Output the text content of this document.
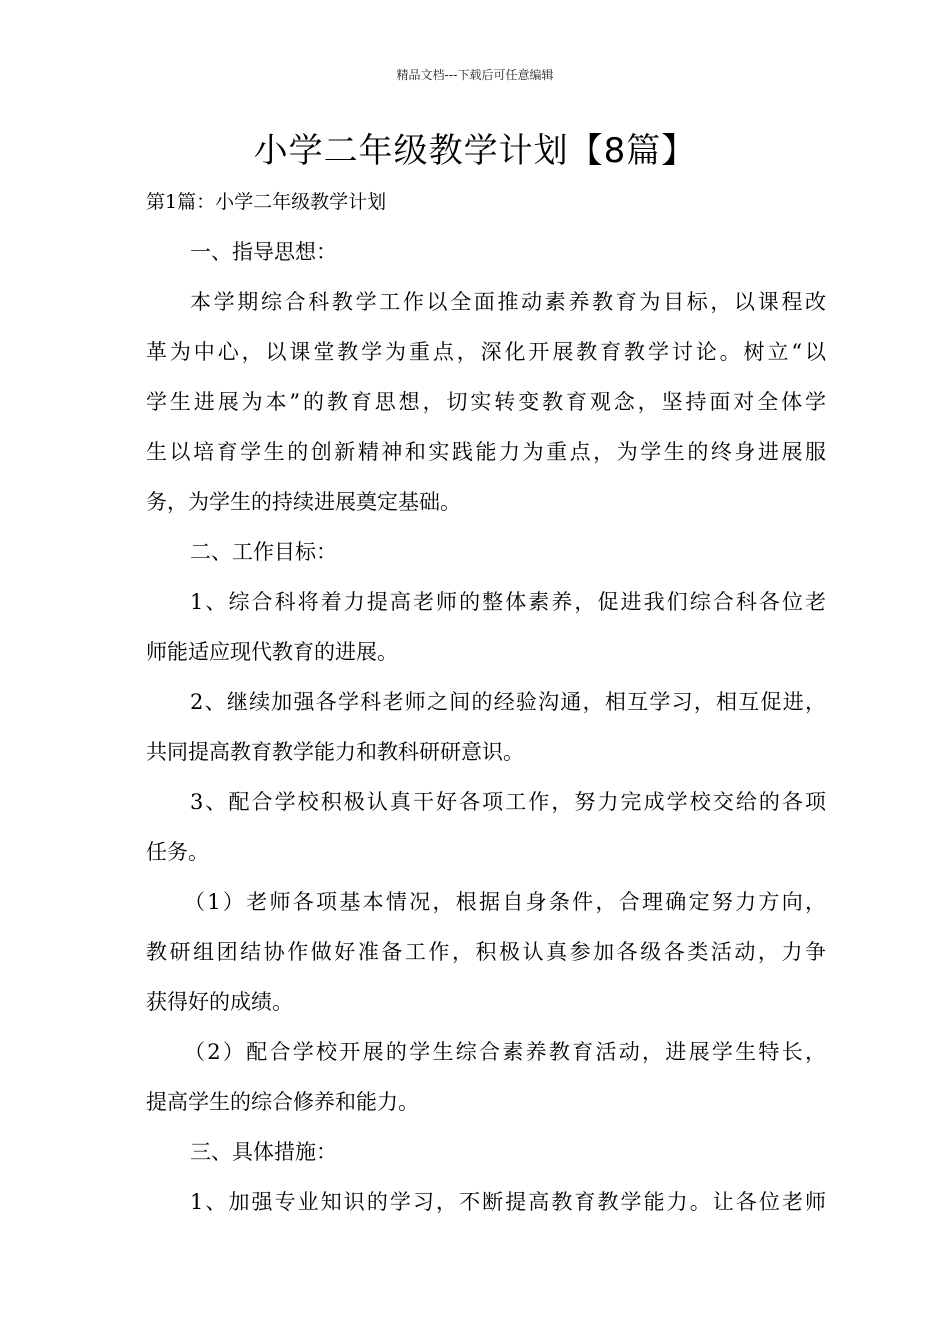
精品文档---下载后可任意编辑
小学二年级教学计划【8篇】
第1篇：小学二年级教学计划
一、指导思想：
本学期综合科教学工作以全面推动素养教育为目标，以课程改
革为中心，以课堂教学为重点，深化开展教育教学讨论。树立“以
学生进展为本”的教育思想，切实转变教育观念，坚持面对全体学
生以培育学生的创新精神和实践能力为重点，为学生的终身进展服
务，为学生的持续进展奠定基础。
二、工作目标：
1、综合科将着力提高老师的整体素养，促进我们综合科各位老
师能适应现代教育的进展。
2、继续加强各学科老师之间的经验沟通，相互学习，相互促进，
共同提高教育教学能力和教科研研意识。
3、配合学校积极认真干好各项工作，努力完成学校交给的各项
任务。
（1）老师各项基本情况，根据自身条件，合理确定努力方向，
教研组团结协作做好准备工作，积极认真参加各级各类活动，力争
获得好的成绩。
（2）配合学校开展的学生综合素养教育活动，进展学生特长，
提高学生的综合修养和能力。
三、具体措施：
1、加强专业知识的学习，不断提高教育教学能力。让各位老师
